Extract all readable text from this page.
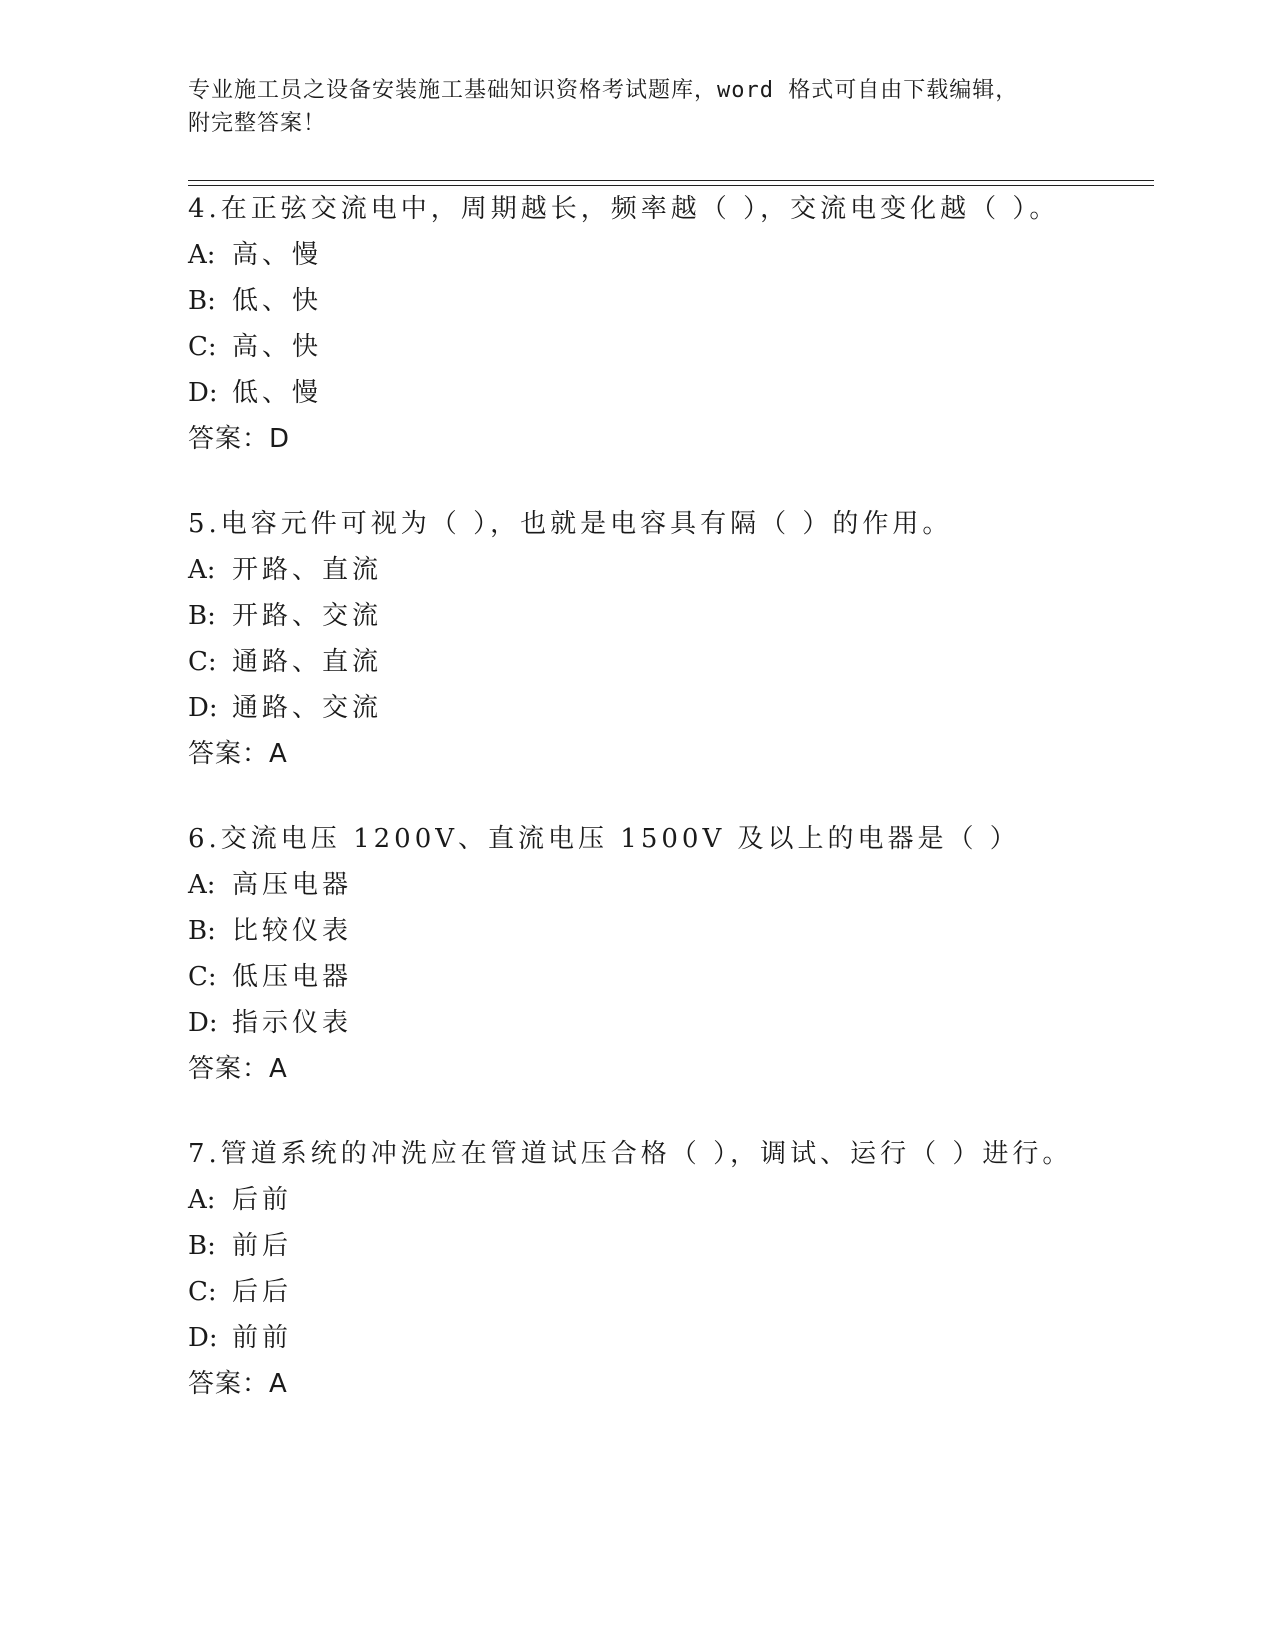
专业施工员之设备安装施工基础知识资格考试题库，word 格式可自由下载编辑，
附完整答案！
4.在正弦交流电中，周期越长，频率越（ ），交流电变化越（ ）。
A: 高、慢
B: 低、快
C: 高、快
D: 低、慢
答案：D
5.电容元件可视为（ ），也就是电容具有隔（ ）的作用。
A: 开路、直流
B: 开路、交流
C: 通路、直流
D: 通路、交流
答案：A
6.交流电压 1200V、直流电压 1500V 及以上的电器是（ ）
A: 高压电器
B: 比较仪表
C: 低压电器
D: 指示仪表
答案：A
7.管道系统的冲洗应在管道试压合格（ ），调试、运行（ ）进行。
A: 后前
B: 前后
C: 后后
D: 前前
答案：A
